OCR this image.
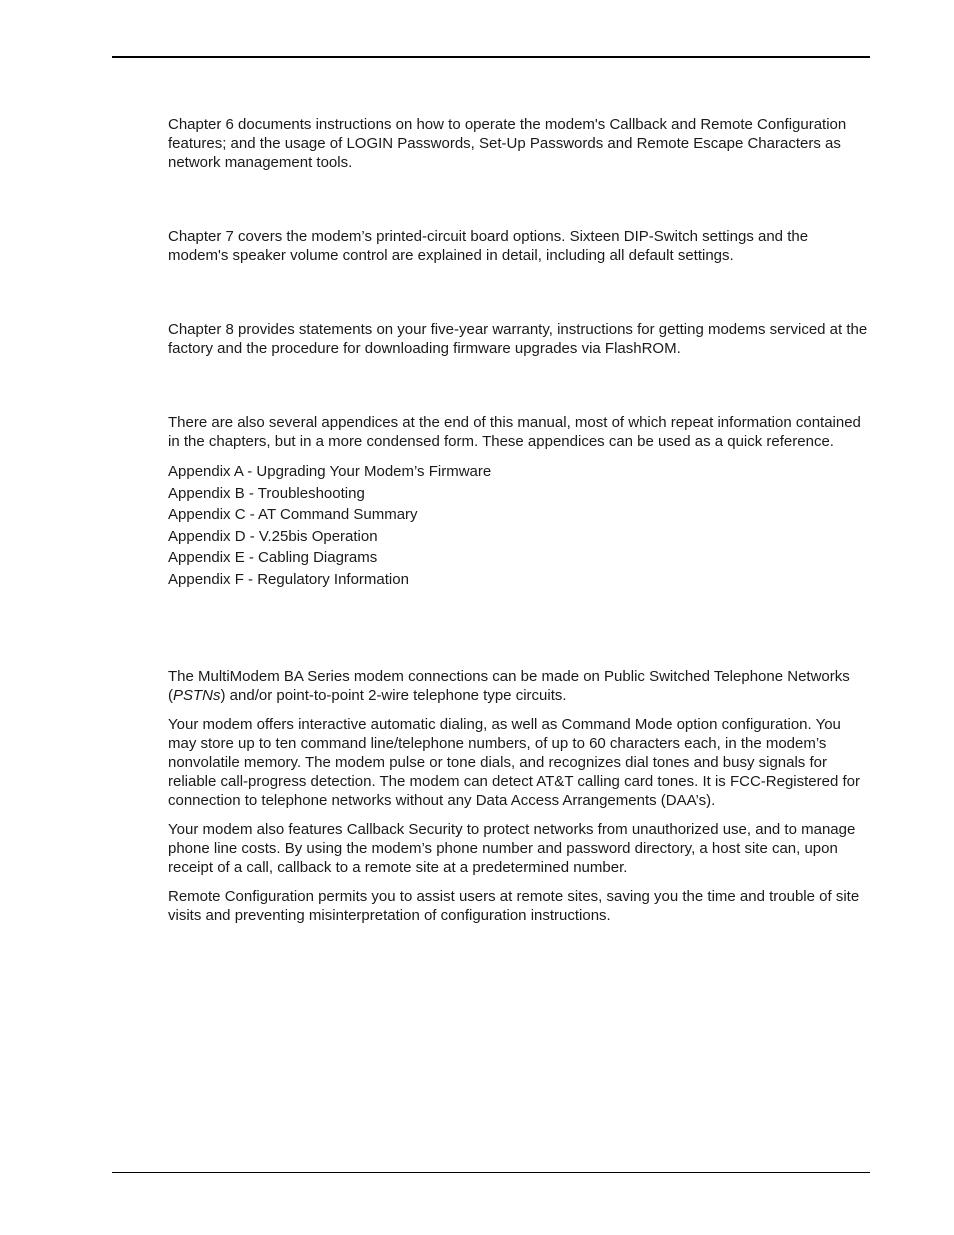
Chapter 6 documents instructions on how to operate the modem's Callback and Remote Configuration features; and the usage of LOGIN Passwords, Set-Up Passwords and Remote Escape Characters as network management tools.

Chapter 7 covers the modem’s printed-circuit board options. Sixteen DIP-Switch settings and the modem's speaker volume control are explained in detail, including all default settings.

Chapter 8 provides statements on your five-year warranty, instructions for getting modems serviced at the factory and the procedure for downloading firmware upgrades via FlashROM.

There are also several appendices at the end of this manual, most of which repeat information contained in the chapters, but in a more condensed form. These appendices can be used as a quick reference.

Appendix A - Upgrading Your Modem’s Firmware
Appendix B - Troubleshooting
Appendix C - AT Command Summary
Appendix D - V.25bis Operation
Appendix E - Cabling Diagrams
Appendix F - Regulatory Information

The MultiModem BA Series modem connections can be made on Public Switched Telephone Networks (PSTNs) and/or point-to-point 2-wire telephone type circuits.

Your modem offers interactive automatic dialing, as well as Command Mode option configuration. You may store up to ten command line/telephone numbers, of up to 60 characters each, in the modem’s nonvolatile memory. The modem pulse or tone dials, and recognizes dial tones and busy signals for reliable call-progress detection. The modem can detect AT&T calling card tones. It is FCC-Registered for connection to telephone networks without any Data Access Arrangements (DAA’s).

Your modem also features Callback Security to protect networks from unauthorized use, and to manage phone line costs. By using the modem’s phone number and password directory, a host site can, upon receipt of a call, callback to a remote site at a predetermined number.

Remote Configuration permits you to assist users at remote sites, saving you the time and trouble of site visits and preventing misinterpretation of configuration instructions.
